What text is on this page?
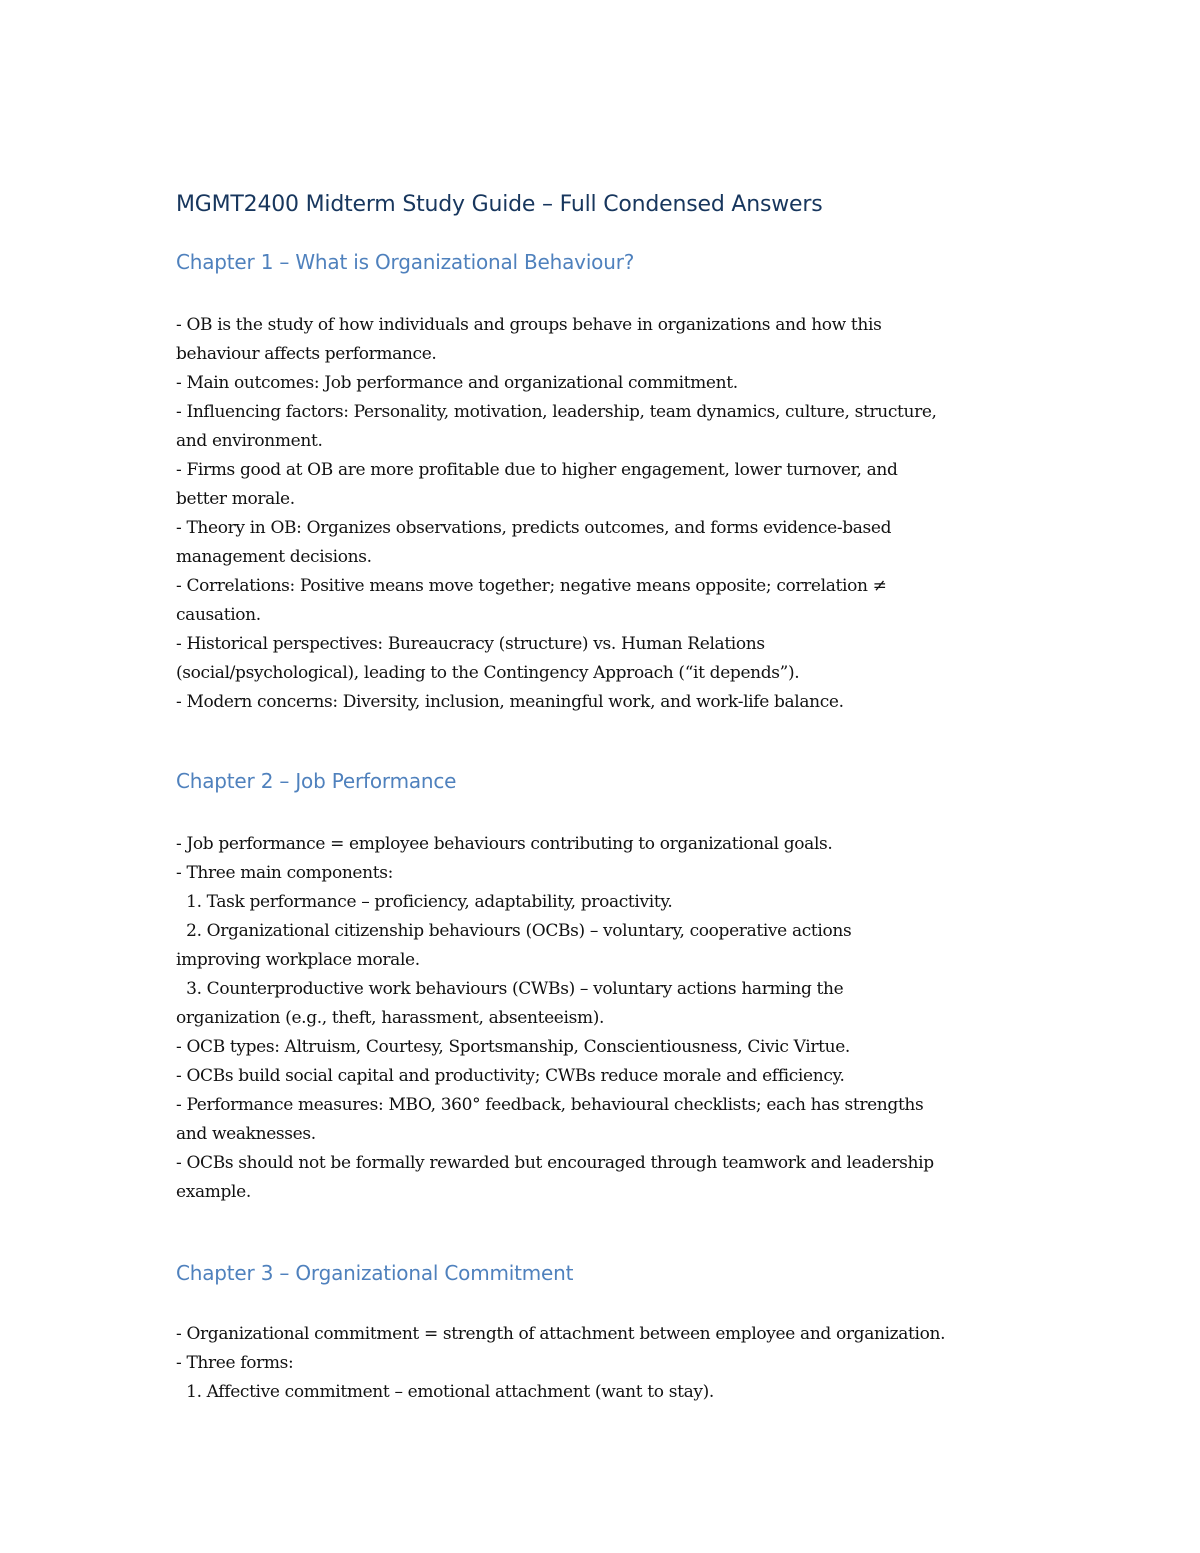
MGMT2400 Midterm Study Guide – Full Condensed Answers
Chapter 1 – What is Organizational Behaviour?
- OB is the study of how individuals and groups behave in organizations and how this
behaviour affects performance.
- Main outcomes: Job performance and organizational commitment.
- Influencing factors: Personality, motivation, leadership, team dynamics, culture, structure,
and environment.
- Firms good at OB are more profitable due to higher engagement, lower turnover, and
better morale.
- Theory in OB: Organizes observations, predicts outcomes, and forms evidence-based
management decisions.
- Correlations: Positive means move together; negative means opposite; correlation ≠
causation.
- Historical perspectives: Bureaucracy (structure) vs. Human Relations
(social/psychological), leading to the Contingency Approach (“it depends”).
- Modern concerns: Diversity, inclusion, meaningful work, and work-life balance.
Chapter 2 – Job Performance
- Job performance = employee behaviours contributing to organizational goals.
- Three main components:
1. Task performance – proficiency, adaptability, proactivity.
2. Organizational citizenship behaviours (OCBs) – voluntary, cooperative actions
improving workplace morale.
3. Counterproductive work behaviours (CWBs) – voluntary actions harming the
organization (e.g., theft, harassment, absenteeism).
- OCB types: Altruism, Courtesy, Sportsmanship, Conscientiousness, Civic Virtue.
- OCBs build social capital and productivity; CWBs reduce morale and efficiency.
- Performance measures: MBO, 360° feedback, behavioural checklists; each has strengths
and weaknesses.
- OCBs should not be formally rewarded but encouraged through teamwork and leadership
example.
Chapter 3 – Organizational Commitment
- Organizational commitment = strength of attachment between employee and organization.
- Three forms:
1. Affective commitment – emotional attachment (want to stay).
